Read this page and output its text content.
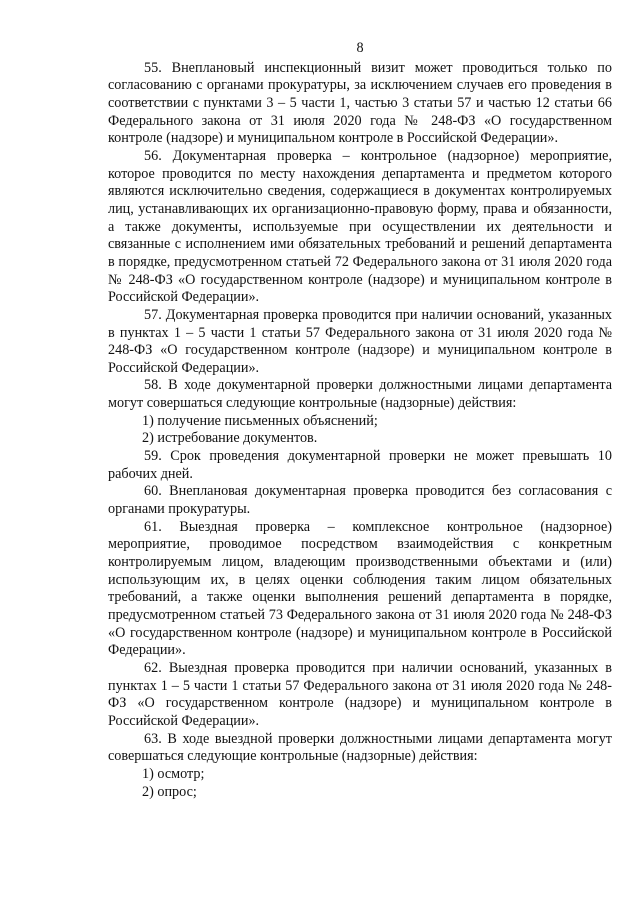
8

55. Внеплановый инспекционный визит может проводиться только по согласованию с органами прокуратуры, за исключением случаев его проведения в соответствии с пунктами 3 – 5 части 1, частью 3 статьи 57 и частью 12 статьи 66 Федерального закона от 31 июля 2020 года № 248-ФЗ «О государственном контроле (надзоре) и муниципальном контроле в Российской Федерации».

56. Документарная проверка – контрольное (надзорное) мероприятие, которое проводится по месту нахождения департамента и предметом которого являются исключительно сведения, содержащиеся в документах контролируемых лиц, устанавливающих их организационно-правовую форму, права и обязанности, а также документы, используемые при осуществлении их деятельности и связанные с исполнением ими обязательных требований и решений департамента в порядке, предусмотренном статьей 72 Федерального закона от 31 июля 2020 года № 248-ФЗ «О государственном контроле (надзоре) и муниципальном контроле в Российской Федерации».

57. Документарная проверка проводится при наличии оснований, указанных в пунктах 1 – 5 части 1 статьи 57 Федерального закона от 31 июля 2020 года № 248-ФЗ «О государственном контроле (надзоре) и муниципальном контроле в Российской Федерации».

58. В ходе документарной проверки должностными лицами департамента могут совершаться следующие контрольные (надзорные) действия:

1) получение письменных объяснений;

2) истребование документов.

59. Срок проведения документарной проверки не может превышать 10 рабочих дней.

60. Внеплановая документарная проверка проводится без согласования с органами прокуратуры.

61. Выездная проверка – комплексное контрольное (надзорное) мероприятие, проводимое посредством взаимодействия с конкретным контролируемым лицом, владеющим производственными объектами и (или) использующим их, в целях оценки соблюдения таким лицом обязательных требований, а также оценки выполнения решений департамента в порядке, предусмотренном статьей 73 Федерального закона от 31 июля 2020 года № 248-ФЗ «О государственном контроле (надзоре) и муниципальном контроле в Российской Федерации».

62. Выездная проверка проводится при наличии оснований, указанных в пунктах 1 – 5 части 1 статьи 57 Федерального закона от 31 июля 2020 года № 248-ФЗ «О государственном контроле (надзоре) и муниципальном контроле в Российской Федерации».

63. В ходе выездной проверки должностными лицами департамента могут совершаться следующие контрольные (надзорные) действия:

1) осмотр;

2) опрос;
